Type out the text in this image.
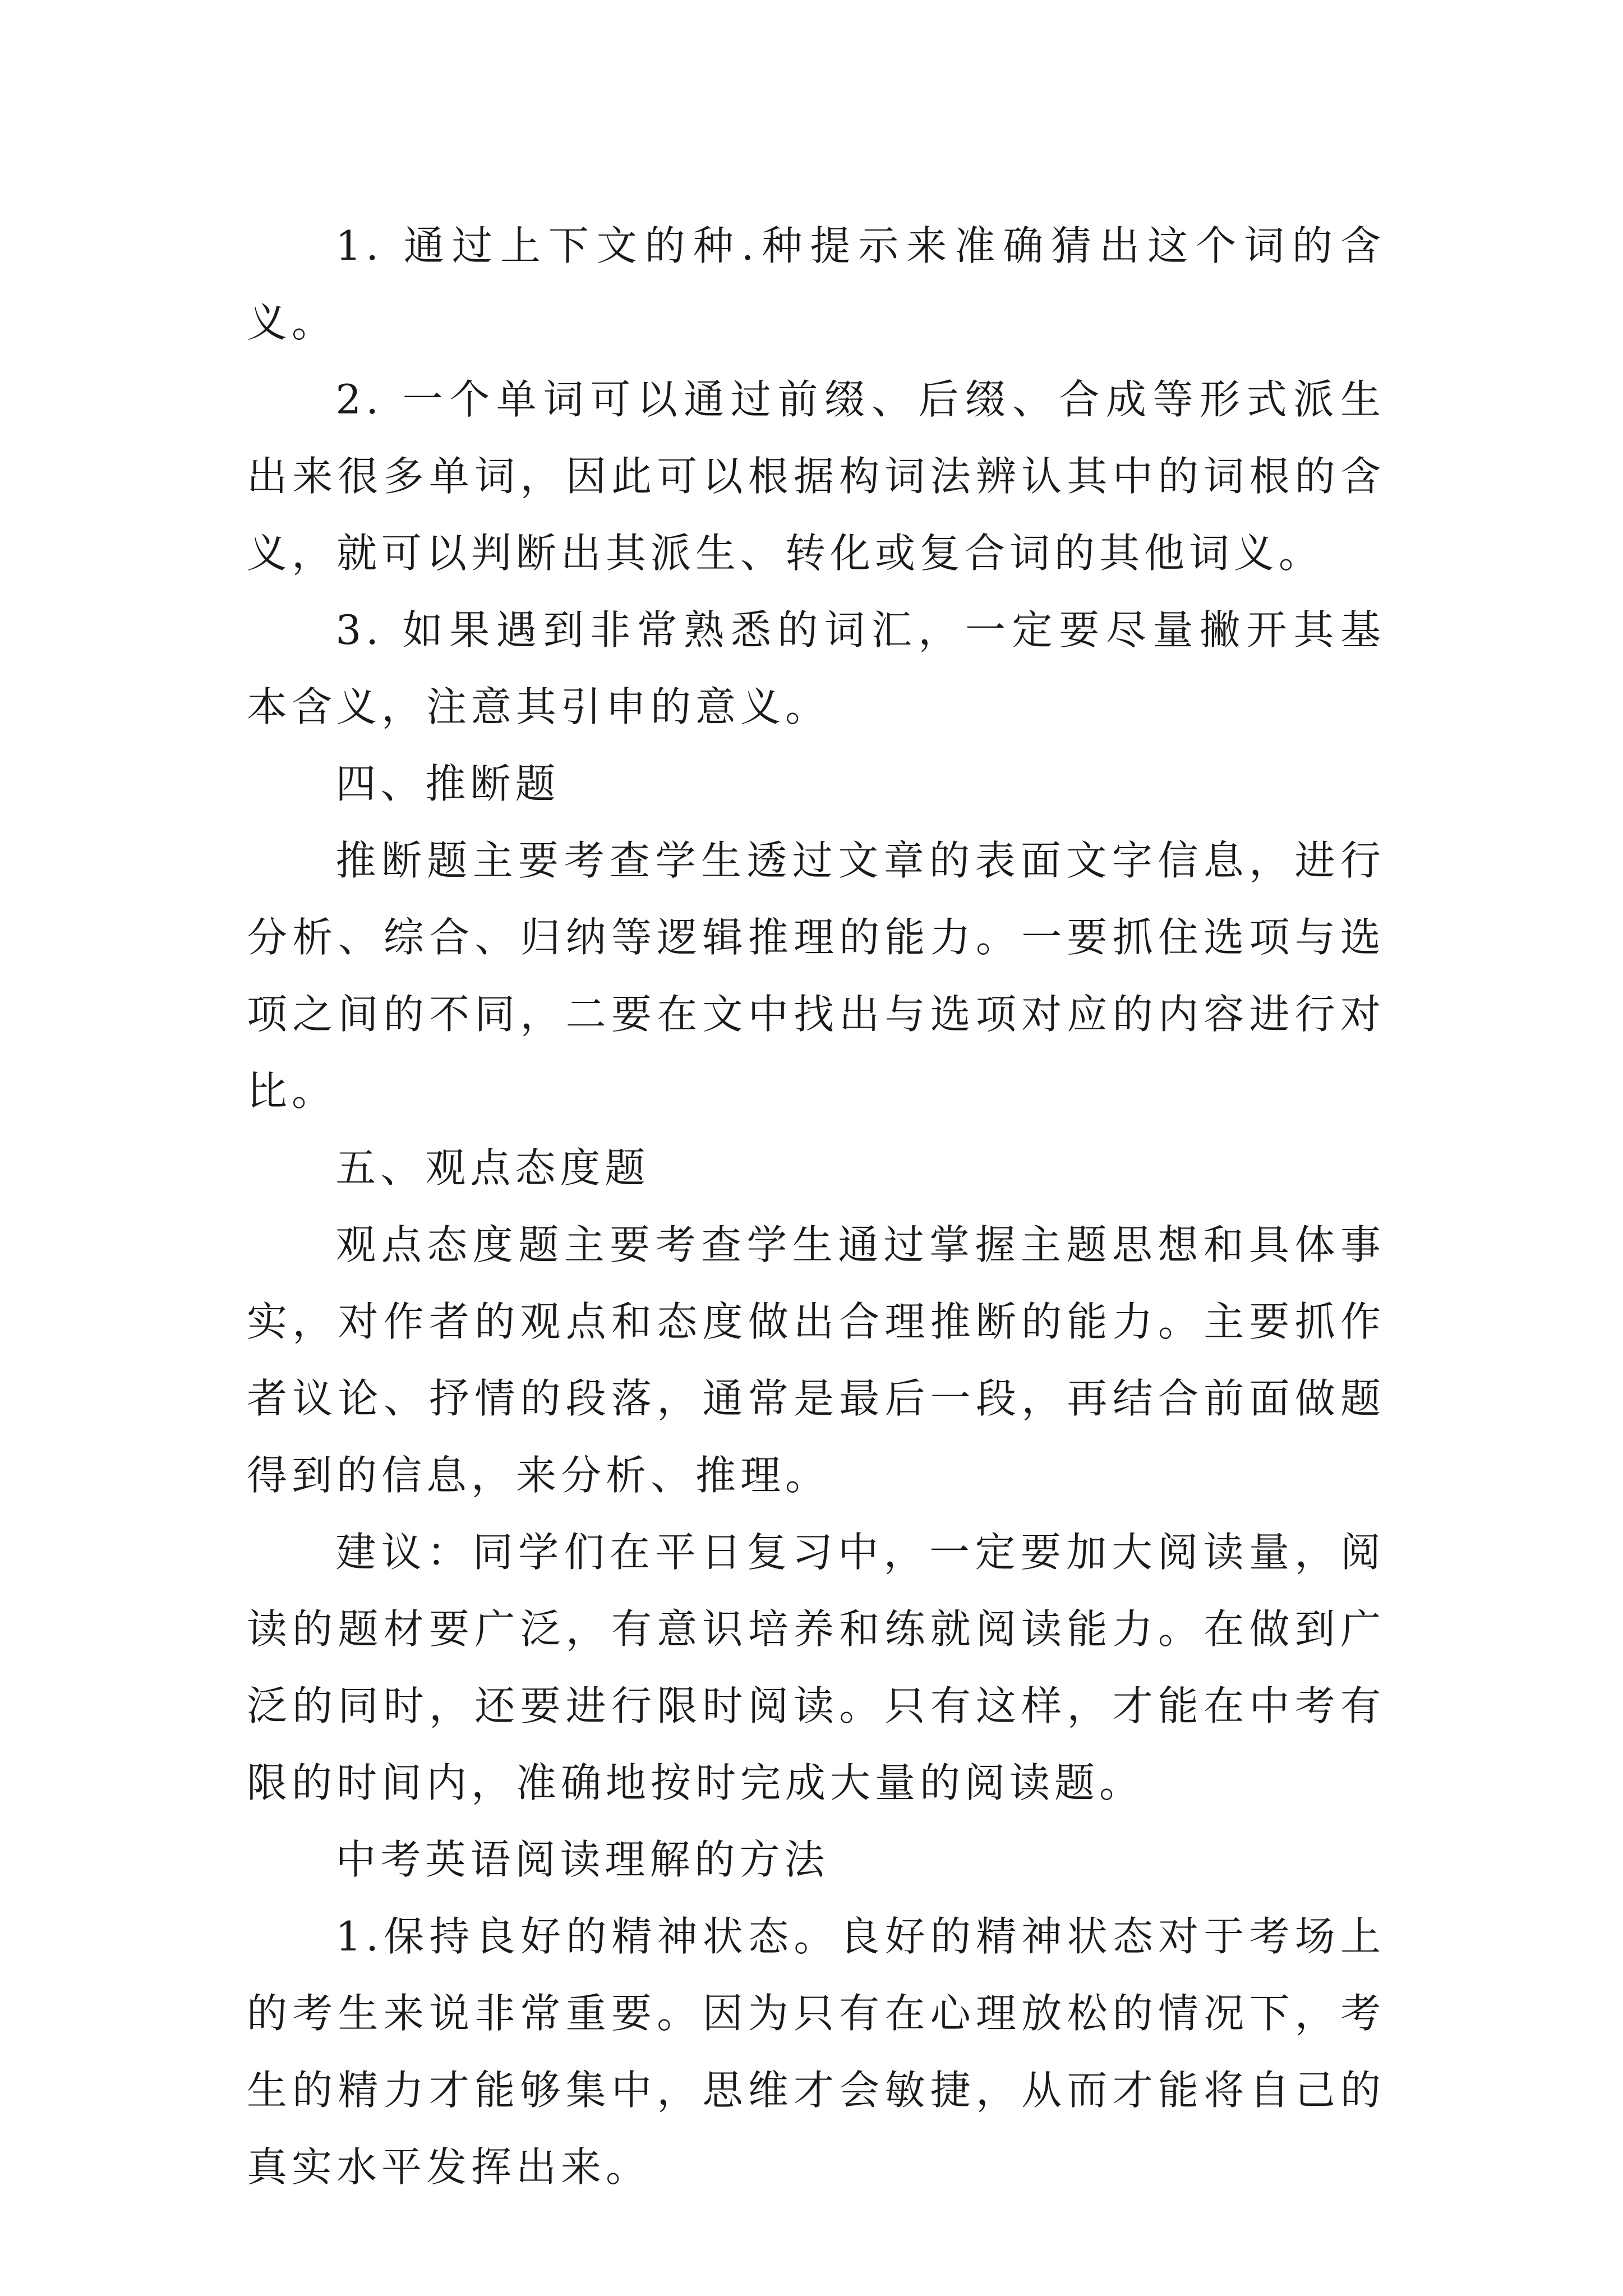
1. 通过上下文的种.种提示来准确猜出这个词的含义。

2. 一个单词可以通过前缀、后缀、合成等形式派生出来很多单词，因此可以根据构词法辨认其中的词根的含义，就可以判断出其派生、转化或复合词的其他词义。

3. 如果遇到非常熟悉的词汇，一定要尽量撇开其基本含义，注意其引申的意义。

四、推断题

推断题主要考查学生透过文章的表面文字信息，进行分析、综合、归纳等逻辑推理的能力。一要抓住选项与选项之间的不同，二要在文中找出与选项对应的内容进行对比。

五、观点态度题

观点态度题主要考查学生通过掌握主题思想和具体事实，对作者的观点和态度做出合理推断的能力。主要抓作者议论、抒情的段落，通常是最后一段，再结合前面做题得到的信息，来分析、推理。

建议：同学们在平日复习中，一定要加大阅读量，阅读的题材要广泛，有意识培养和练就阅读能力。在做到广泛的同时，还要进行限时阅读。只有这样，才能在中考有限的时间内，准确地按时完成大量的阅读题。

中考英语阅读理解的方法

1.保持良好的精神状态。良好的精神状态对于考场上的考生来说非常重要。因为只有在心理放松的情况下，考生的精力才能够集中，思维才会敏捷，从而才能将自己的真实水平发挥出来。
